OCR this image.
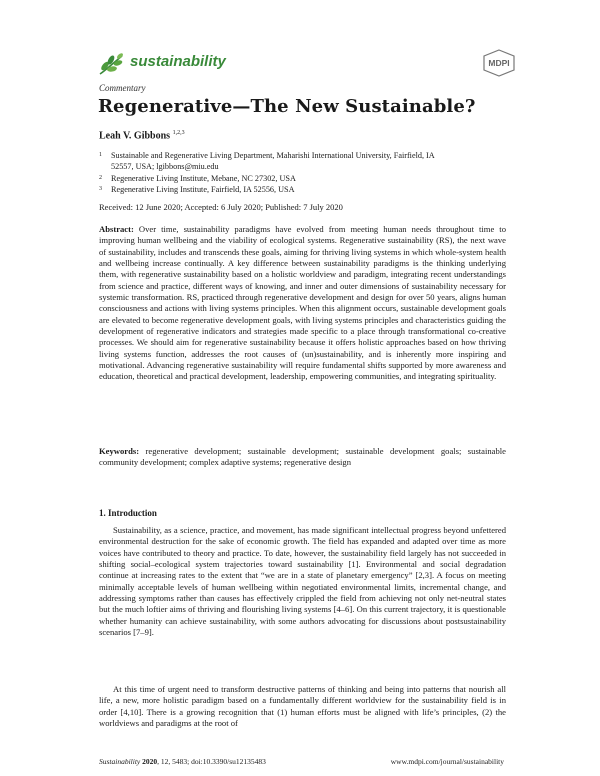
sustainability	MDPI
Commentary
Regenerative—The New Sustainable?
Leah V. Gibbons $^{1,2,3}$
1 Sustainable and Regenerative Living Department, Maharishi International University, Fairfield, IA 52557, USA; lgibbons@miu.edu
2 Regenerative Living Institute, Mebane, NC 27302, USA
3 Regenerative Living Institute, Fairfield, IA 52556, USA
Received: 12 June 2020; Accepted: 6 July 2020; Published: 7 July 2020
Abstract: Over time, sustainability paradigms have evolved from meeting human needs throughout time to improving human wellbeing and the viability of ecological systems. Regenerative sustainability (RS), the next wave of sustainability, includes and transcends these goals, aiming for thriving living systems in which whole-system health and wellbeing increase continually. A key difference between sustainability paradigms is the thinking underlying them, with regenerative sustainability based on a holistic worldview and paradigm, integrating recent understandings from science and practice, different ways of knowing, and inner and outer dimensions of sustainability necessary for systemic transformation. RS, practiced through regenerative development and design for over 50 years, aligns human consciousness and actions with living systems principles. When this alignment occurs, sustainable development goals are elevated to become regenerative development goals, with living systems principles and characteristics guiding the development of regenerative indicators and strategies made specific to a place through transformational co-creative processes. We should aim for regenerative sustainability because it offers holistic approaches based on how thriving living systems function, addresses the root causes of (un)sustainability, and is inherently more inspiring and motivational. Advancing regenerative sustainability will require fundamental shifts supported by more awareness and education, theoretical and practical development, leadership, empowering communities, and integrating spirituality.
Keywords: regenerative development; sustainable development; sustainable development goals; sustainable community development; complex adaptive systems; regenerative design
1. Introduction
Sustainability, as a science, practice, and movement, has made significant intellectual progress beyond unfettered environmental destruction for the sake of economic growth. The field has expanded and adapted over time as more voices have contributed to theory and practice. To date, however, the sustainability field largely has not succeeded in shifting social–ecological system trajectories toward sustainability [1]. Environmental and social degradation continue at increasing rates to the extent that “we are in a state of planetary emergency” [2,3]. A focus on meeting minimally acceptable levels of human wellbeing within negotiated environmental limits, incremental change, and addressing symptoms rather than causes has effectively crippled the field from achieving not only net-neutral states but the much loftier aims of thriving and flourishing living systems [4–6]. On this current trajectory, it is questionable whether humanity can achieve sustainability, with some authors advocating for discussions about postsustainability scenarios [7–9].
At this time of urgent need to transform destructive patterns of thinking and being into patterns that nourish all life, a new, more holistic paradigm based on a fundamentally different worldview for the sustainability field is in order [4,10]. There is a growing recognition that (1) human efforts must be aligned with life’s principles, (2) the worldviews and paradigms at the root of
Sustainability 2020, 12, 5483; doi:10.3390/su12135483	www.mdpi.com/journal/sustainability
